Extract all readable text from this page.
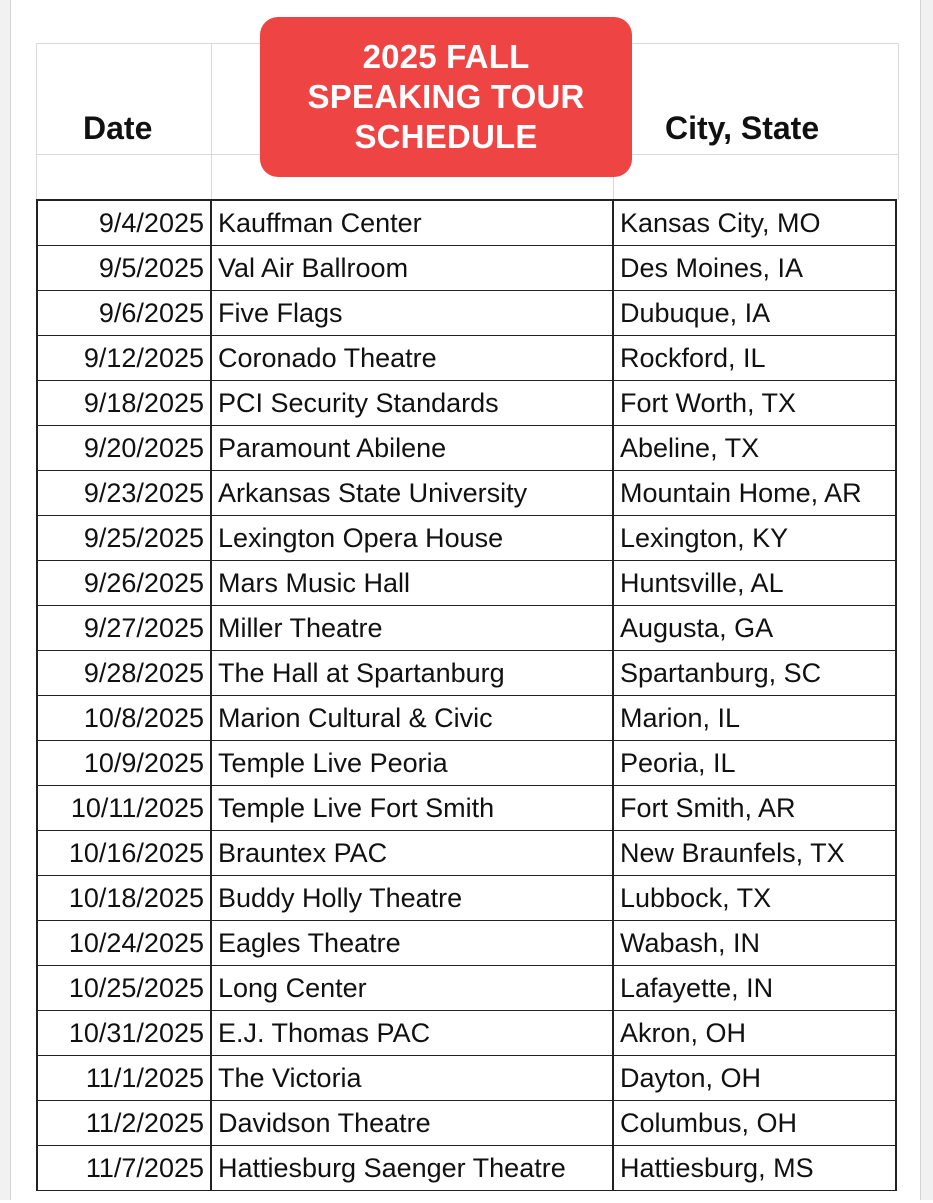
Date	City, State
9/4/2025 Kauffman Center	Kansas City, MO
9/5/2025 Val Air Ballroom	Des Moines, IA
9/6/2025 Five Flags	Dubuque, IA
9/12/2025 Coronado Theatre	Rockford, IL
9/18/2025 PCI Security Standards	Fort Worth, TX
9/20/2025 Paramount Abilene	Abeline, TX
9/23/2025 Arkansas State University	Mountain Home, AR
9/25/2025 Lexington Opera House	Lexington, KY
9/26/2025 Mars Music Hall	Huntsville, AL
9/27/2025 Miller Theatre	Augusta, GA
9/28/2025 The Hall at Spartanburg	Spartanburg, SC
10/8/2025 Marion Cultural & Civic	Marion, IL
10/9/2025 Temple Live Peoria	Peoria, IL
10/11/2025 Temple Live Fort Smith	Fort Smith, AR
10/16/2025 Brauntex PAC	New Braunfels, TX
10/18/2025 Buddy Holly Theatre	Lubbock, TX
10/24/2025 Eagles Theatre	Wabash, IN
10/25/2025 Long Center	Lafayette, IN
10/31/2025 E.J. Thomas PAC	Akron, OH
11/1/2025 The Victoria	Dayton, OH
11/2/2025 Davidson Theatre	Columbus, OH
11/7/2025 Hattiesburg Saenger Theatre	Hattiesburg, MS
2025 FALL
SPEAKING TOUR
SCHEDULE
